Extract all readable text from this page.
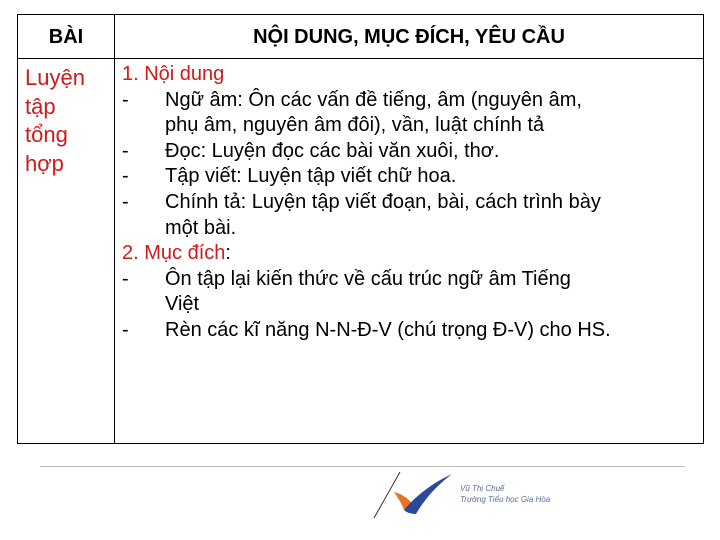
BÀI	NỘI DUNG, MỤC ĐÍCH, YÊU CẦU
Luyện
tập
tổng
hợp
1. Nội dung
- Ngữ âm: Ôn các vấn đề tiếng, âm (nguyên âm,
phụ âm, nguyên âm đôi), vần, luật chính tả
- Đọc: Luyện đọc các bài văn xuôi, thơ.
- Tập viết: Luyện tập viết chữ hoa.
- Chính tả: Luyện tập viết đoạn, bài, cách trình bày
một bài.
2. Mục đích:
- Ôn tập lại kiến thức về cấu trúc ngữ âm Tiếng
Việt
- Rèn các kĩ năng N-N-Đ-V (chú trọng Đ-V) cho HS.
Vũ Thị Chuế
Trường Tiểu học Gia Hòa
